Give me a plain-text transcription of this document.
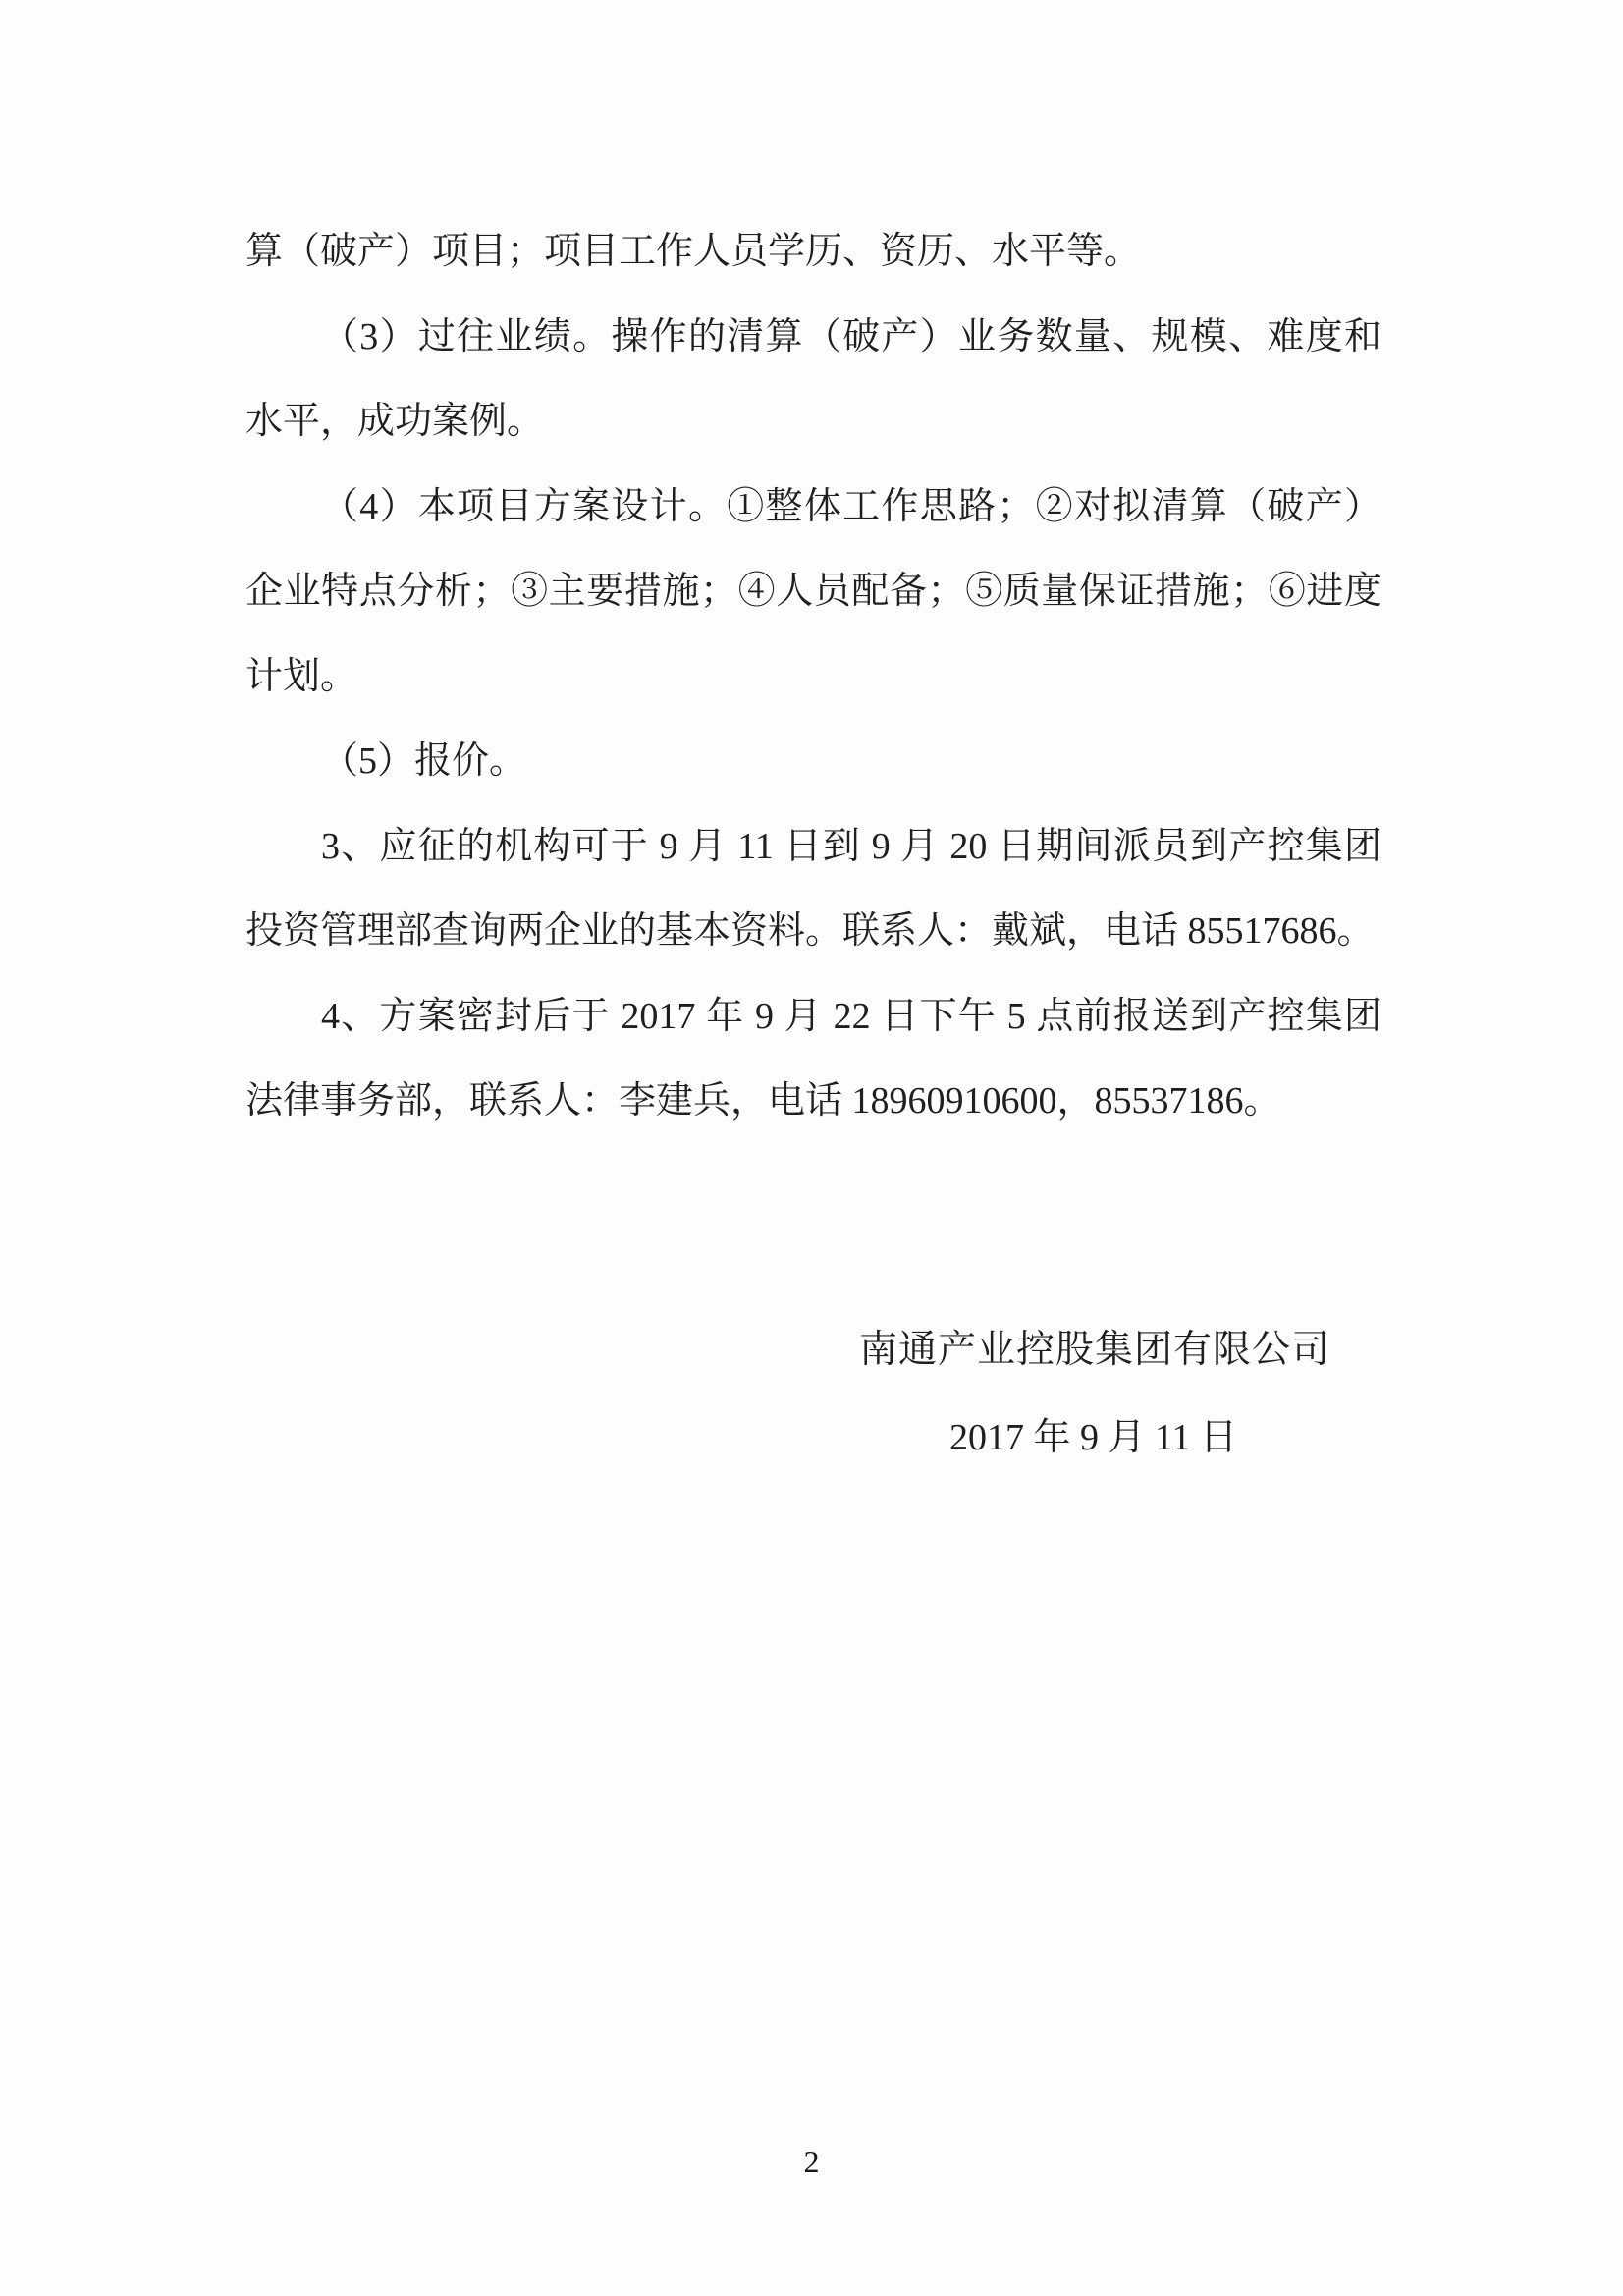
算（破产）项目；项目工作人员学历、资历、水平等。
（3）过往业绩。操作的清算（破产）业务数量、规模、难度和
水平，成功案例。
（4）本项目方案设计。①整体工作思路；②对拟清算（破产）
企业特点分析；③主要措施；④人员配备；⑤质量保证措施；⑥进度
计划。
（5）报价。
3、应征的机构可于 9 月 11 日到 9 月 20 日期间派员到产控集团
投资管理部查询两企业的基本资料。联系人：戴斌，电话 85517686。
4、方案密封后于 2017 年 9 月 22 日下午 5 点前报送到产控集团
法律事务部，联系人：李建兵，电话 18960910600，85537186。
南通产业控股集团有限公司
2017 年 9 月 11 日
2
